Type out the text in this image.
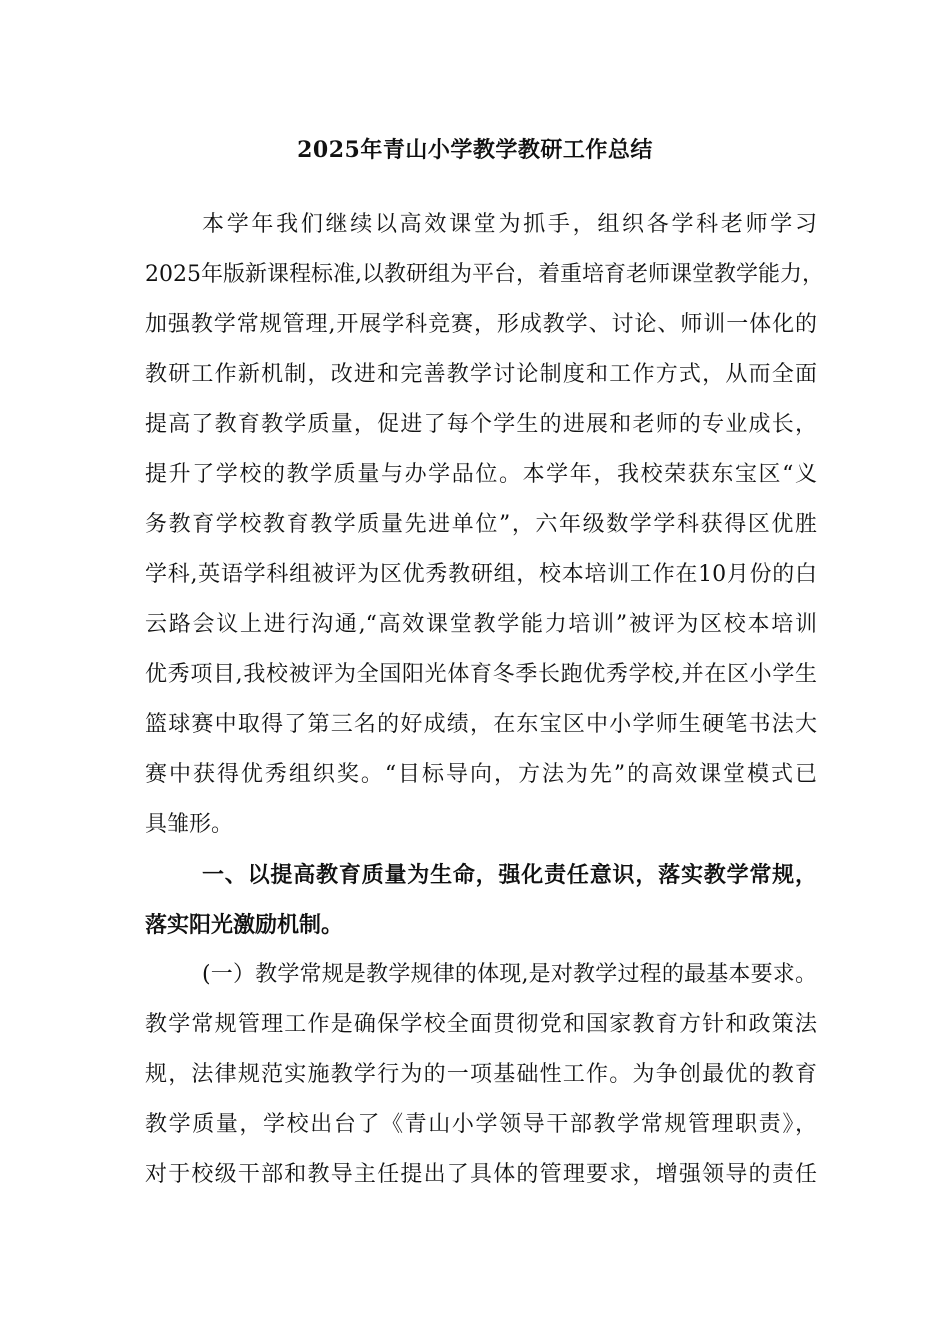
2025年青山小学教学教研工作总结
本学年我们继续以高效课堂为抓手，组织各学科老师学习
2025年版新课程标准,以教研组为平台，着重培育老师课堂教学能力，
加强教学常规管理,开展学科竞赛，形成教学、讨论、师训一体化的
教研工作新机制，改进和完善教学讨论制度和工作方式，从而全面
提高了教育教学质量，促进了每个学生的进展和老师的专业成长，
提升了学校的教学质量与办学品位。本学年，我校荣获东宝区“义
务教育学校教育教学质量先进单位”，六年级数学学科获得区优胜
学科,英语学科组被评为区优秀教研组，校本培训工作在10月份的白
云路会议上进行沟通,“高效课堂教学能力培训”被评为区校本培训
优秀项目,我校被评为全国阳光体育冬季长跑优秀学校,并在区小学生
篮球赛中取得了第三名的好成绩，在东宝区中小学师生硬笔书法大
赛中获得优秀组织奖。“目标导向，方法为先”的高效课堂模式已
具雏形。
一、以提高教育质量为生命，强化责任意识，落实教学常规，
落实阳光激励机制。
(一）教学常规是教学规律的体现,是对教学过程的最基本要求。
教学常规管理工作是确保学校全面贯彻党和国家教育方针和政策法
规，法律规范实施教学行为的一项基础性工作。为争创最优的教育
教学质量，学校出台了《青山小学领导干部教学常规管理职责》，
对于校级干部和教导主任提出了具体的管理要求，增强领导的责任
